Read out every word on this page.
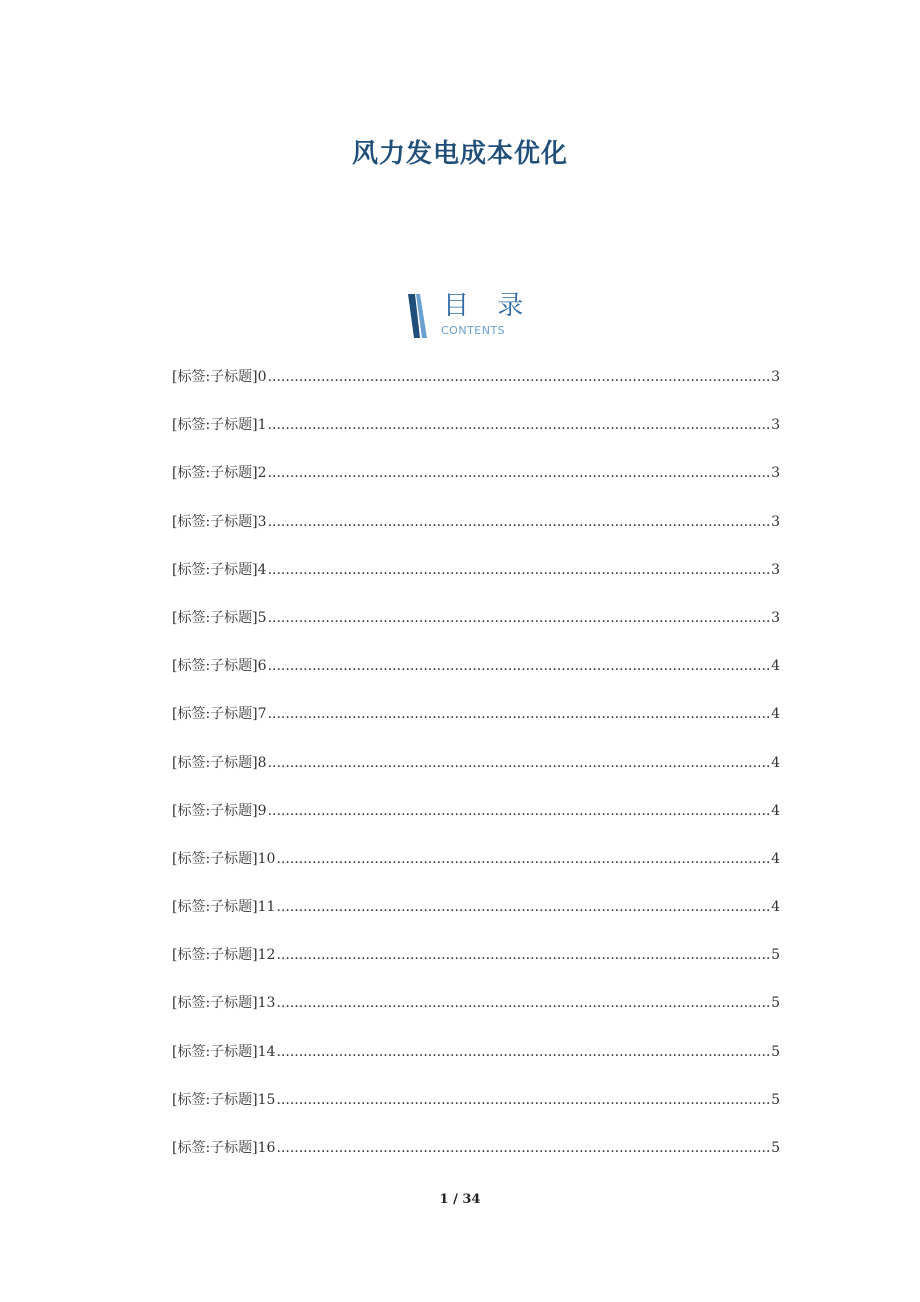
风力发电成本优化
目 录
CONTENTS
[标签:子标题]0 .....	3
[标签:子标题]1 .....	3
[标签:子标题]2 .....	3
[标签:子标题]3 .....	3
[标签:子标题]4 .....	3
[标签:子标题]5 .....	3
[标签:子标题]6 .....	4
[标签:子标题]7 .....	4
[标签:子标题]8 .....	4
[标签:子标题]9 .....	4
[标签:子标题]10 .....	4
[标签:子标题]11 .....	4
[标签:子标题]12 .....	5
[标签:子标题]13 .....	5
[标签:子标题]14 .....	5
[标签:子标题]15 .....	5
[标签:子标题]16 .....	5
1 / 34
